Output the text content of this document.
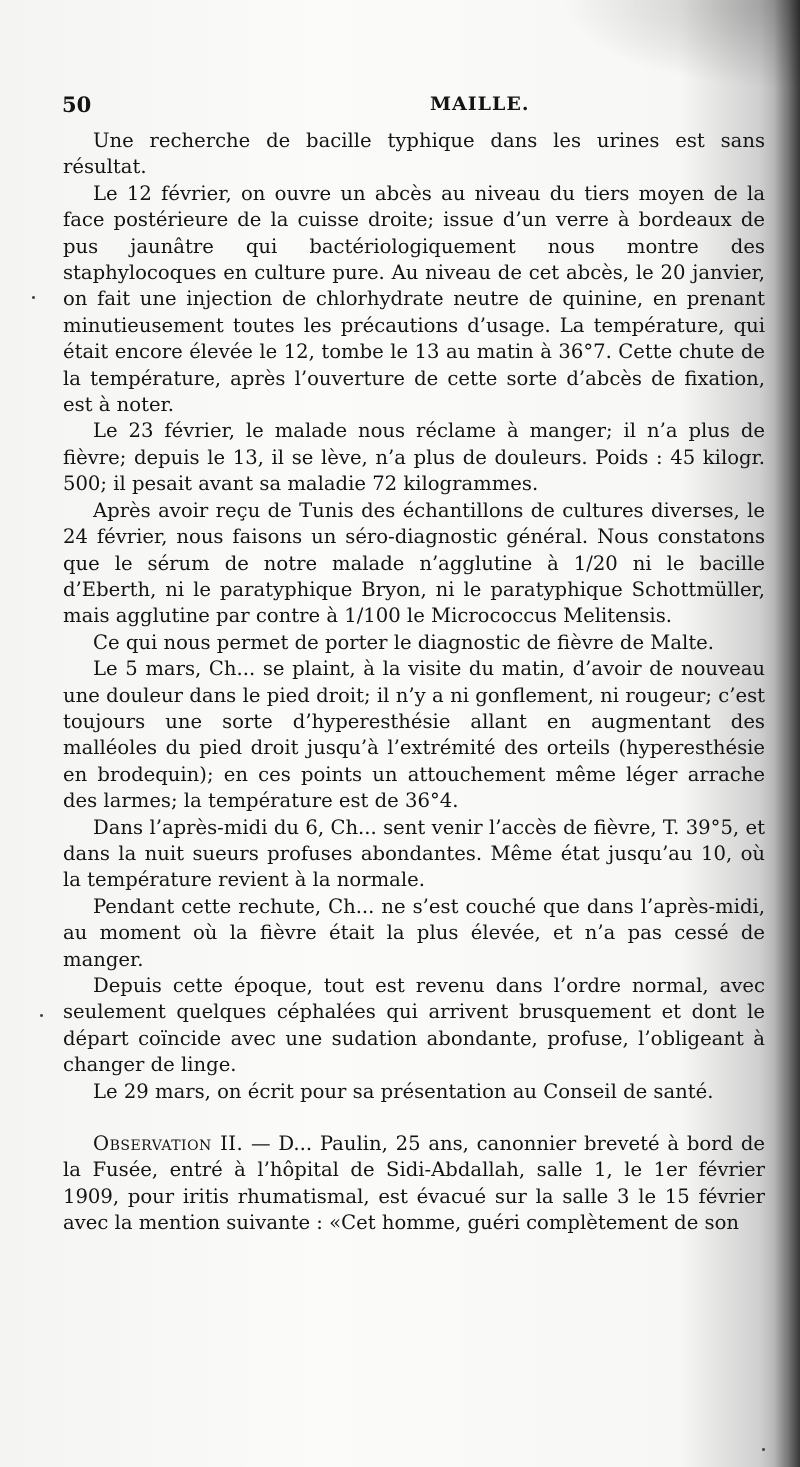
50	MAILLE.

Une recherche de bacille typhique dans les urines est sans résultat.

Le 12 février, on ouvre un abcès au niveau du tiers moyen de la face postérieure de la cuisse droite; issue d’un verre à bordeaux de pus jaunâtre qui bactériologiquement nous montre des staphylocoques en culture pure. Au niveau de cet abcès, le 20 janvier, on fait une injection de chlorhydrate neutre de quinine, en prenant minutieusement toutes les précautions d’usage. La température, qui était encore élevée le 12, tombe le 13 au matin à 36°7. Cette chute de la température, après l’ouverture de cette sorte d’abcès de fixation, est à noter.

Le 23 février, le malade nous réclame à manger; il n’a plus de fièvre; depuis le 13, il se lève, n’a plus de douleurs. Poids : 45 kilogr. 500; il pesait avant sa maladie 72 kilogrammes.

Après avoir reçu de Tunis des échantillons de cultures diverses, le 24 février, nous faisons un séro-diagnostic général. Nous constatons que le sérum de notre malade n’agglutine à 1/20 ni le bacille d’Eberth, ni le paratyphique Bryon, ni le paratyphique Schottmüller, mais agglutine par contre à 1/100 le Micrococcus Melitensis.

Ce qui nous permet de porter le diagnostic de fièvre de Malte.

Le 5 mars, Ch... se plaint, à la visite du matin, d’avoir de nouveau une douleur dans le pied droit; il n’y a ni gonflement, ni rougeur; c’est toujours une sorte d’hyperesthésie allant en augmentant des malléoles du pied droit jusqu’à l’extrémité des orteils (hyperesthésie en brodequin); en ces points un attouchement même léger arrache des larmes; la température est de 36°4.

Dans l’après-midi du 6, Ch... sent venir l’accès de fièvre, T. 39°5, et dans la nuit sueurs profuses abondantes. Même état jusqu’au 10, où la température revient à la normale.

Pendant cette rechute, Ch... ne s’est couché que dans l’après-midi, au moment où la fièvre était la plus élevée, et n’a pas cessé de manger.

Depuis cette époque, tout est revenu dans l’ordre normal, avec seulement quelques céphalées qui arrivent brusquement et dont le départ coïncide avec une sudation abondante, profuse, l’obligeant à changer de linge.

Le 29 mars, on écrit pour sa présentation au Conseil de santé.

Observation II. — D... Paulin, 25 ans, canonnier breveté à bord de la Fusée, entré à l’hôpital de Sidi-Abdallah, salle 1, le 1er février 1909, pour iritis rhumatismal, est évacué sur la salle 3 le 15 février avec la mention suivante : «Cet homme, guéri complètement de son
